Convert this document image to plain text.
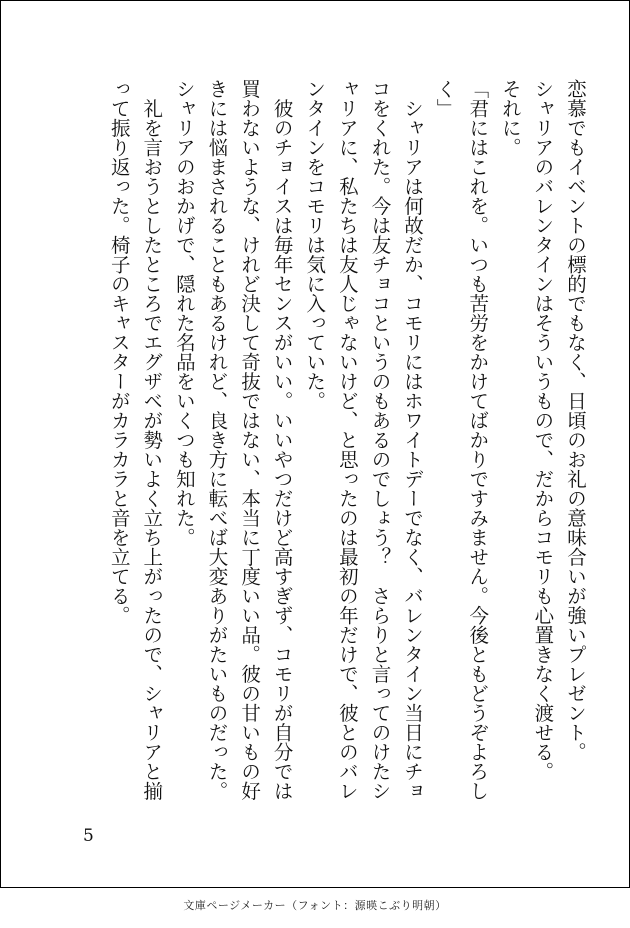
恋慕でもイベントの標的でもなく、日頃のお礼の意味合いが強いプレゼント。

シャリアのバレンタインはそういうもので、だからコモリも心置きなく渡せる。

それに。

「君にはこれを。いつも苦労をかけてばかりですみません。今後ともどうぞよろしく」

　シャリアは何故だか、コモリにはホワイトデーでなく、バレンタイン当日にチョコをくれた。今は友チョコというのもあるのでしょう？　さらりと言ってのけたシャリアに、私たちは友人じゃないけど、と思ったのは最初の年だけで、彼とのバレンタインをコモリは気に入っていた。

　彼のチョイスは毎年センスがいい。いいやつだけど高すぎず、コモリが自分では買わないような、けれど決して奇抜ではない、本当に丁度いい品。彼の甘いもの好きには悩まされることもあるけれど、良き方に転べば大変ありがたいものだった。シャリアのおかげで、隠れた名品をいくつも知れた。

　礼を言おうとしたところでエグザベが勢いよく立ち上がったので、シャリアと揃って振り返った。椅子のキャスターがカラカラと音を立てる。

5
文庫ページメーカー（フォント：源暎こぶり明朝）
